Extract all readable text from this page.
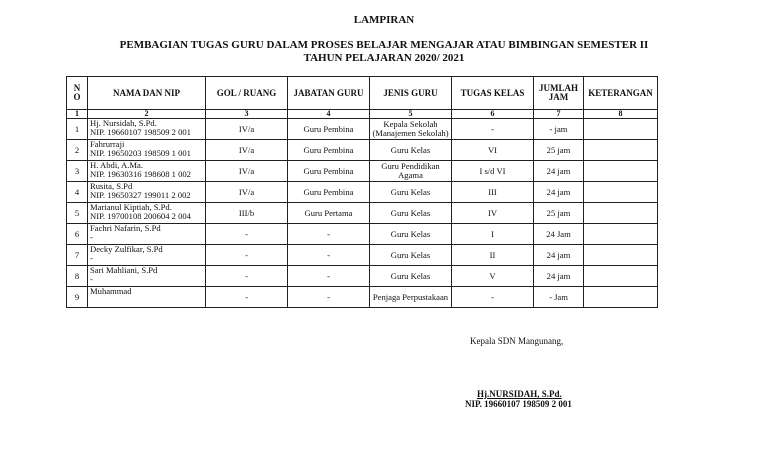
LAMPIRAN
PEMBAGIAN TUGAS GURU DALAM PROSES BELAJAR MENGAJAR ATAU BIMBINGAN SEMESTER II
TAHUN PELAJARAN 2020/ 2021
N
O	NAMA DAN NIP	GOL / RUANG	JABATAN GURU	JENIS GURU	TUGAS KELAS	JUMLAH JAM	KETERANGAN
1	2	3	4	5	6	7	8
1	Hj. Nursidah, S.Pd.
NIP. 19660107 198509 2 001	IV/a	Guru Pembina	Kepala Sekolah (Manajemen Sekolah)	-	- jam	
2	Fahrurraji
NIP. 19650203 198509 1 001	IV/a	Guru Pembina	Guru Kelas	VI	25 jam	
3	H. Abdi, A.Ma.
NIP. 19630316 198608 1 002	IV/a	Guru Pembina	Guru Pendidikan Agama	I s/d VI	24 jam	
4	Rusita, S.Pd
NIP. 19650327 199011 2 002	IV/a	Guru Pembina	Guru Kelas	III	24 jam	
5	Marianul Kiptiah, S.Pd.
NIP. 19700108 200604 2 004	III/b	Guru Pertama	Guru Kelas	IV	25 jam	
6	Fachri Nafarin, S.Pd
-	-	-	Guru Kelas	I	24 Jam	
7	Decky Zulfikar, S.Pd
-	-	-	Guru Kelas	II	24 jam	
8	Sari Mahliani, S.Pd
-	-	-	Guru Kelas	V	24 jam	
9	Muhammad	-	-	Penjaga Perpustakaan	-	- Jam	
Kepala SDN Mangunang,
Hj.NURSIDAH, S.Pd.
NIP. 19660107 198509 2 001
